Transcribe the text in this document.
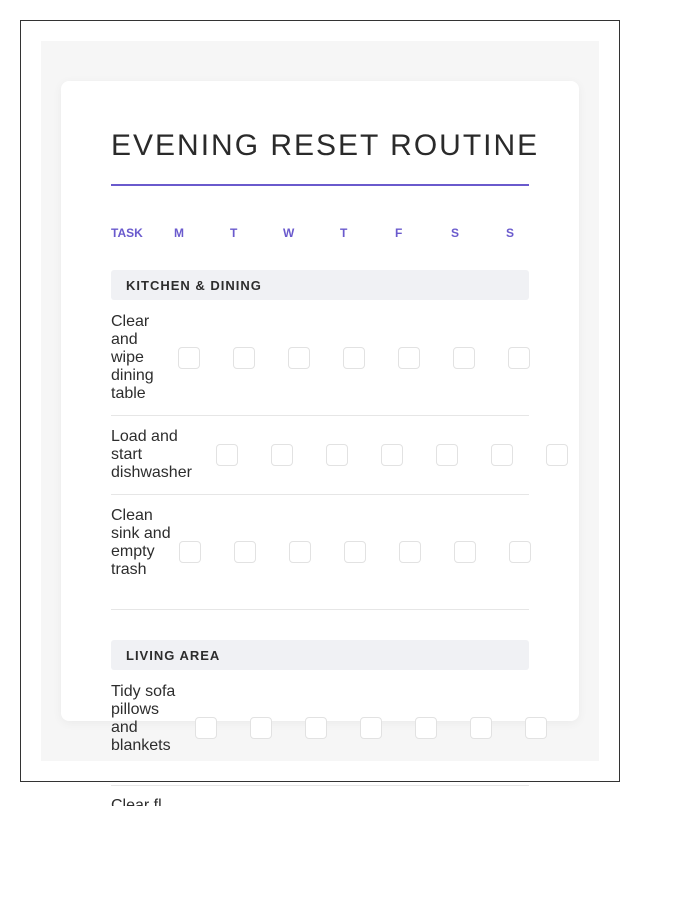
EVENING RESET ROUTINE
TASK	M	T	W	T	F	S	S
KITCHEN & DINING
Clear and wipe dining table
Load and start dishwasher
Clean sink and empty trash
LIVING AREA
Tidy sofa pillows and blankets
